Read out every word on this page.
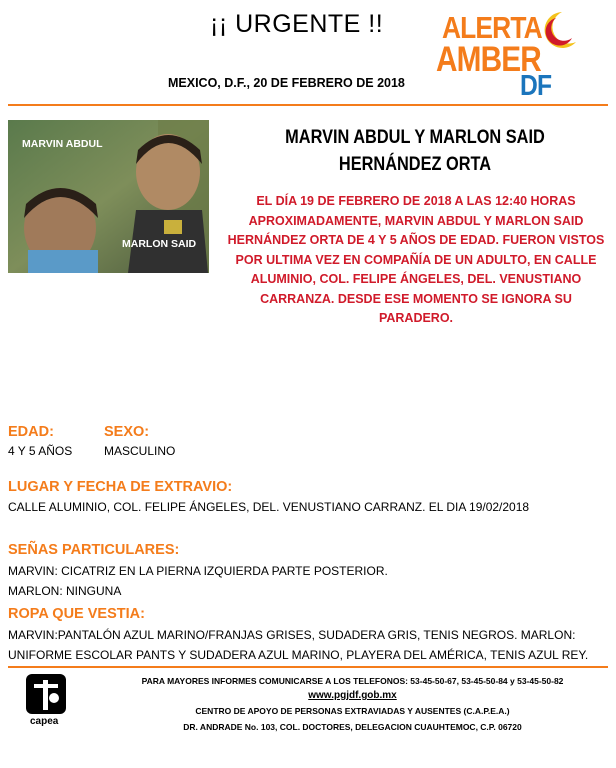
¡¡ URGENTE !!
MEXICO, D.F., 20 DE FEBRERO DE 2018
ALERTA
AMBER
DF
MARVIN ABDUL
MARLON SAID
MARVIN ABDUL Y MARLON SAID
HERNÁNDEZ ORTA
EL DÍA 19 DE FEBRERO DE 2018 A LAS 12:40 HORAS
APROXIMADAMENTE, MARVIN ABDUL Y MARLON SAID
HERNÁNDEZ ORTA DE 4 Y 5 AÑOS DE EDAD. FUERON VISTOS
POR ULTIMA VEZ EN COMPAÑÍA DE UN ADULTO, EN CALLE
ALUMINIO, COL. FELIPE ÁNGELES, DEL. VENUSTIANO
CARRANZA. DESDE ESE MOMENTO SE IGNORA SU
PARADERO.
EDAD:
4 Y 5 AÑOS
SEXO:
MASCULINO
LUGAR Y FECHA DE EXTRAVIO:
CALLE ALUMINIO, COL. FELIPE ÁNGELES, DEL. VENUSTIANO CARRANZ. EL DIA 19/02/2018
SEÑAS PARTICULARES:
MARVIN: CICATRIZ EN LA PIERNA IZQUIERDA PARTE POSTERIOR.
MARLON: NINGUNA
ROPA QUE VESTIA:
MARVIN:PANTALÓN AZUL MARINO/FRANJAS GRISES, SUDADERA GRIS, TENIS NEGROS. MARLON:
UNIFORME ESCOLAR PANTS Y SUDADERA AZUL MARINO, PLAYERA DEL AMÉRICA, TENIS AZUL REY.
capea
PARA MAYORES INFORMES COMUNICARSE A LOS TELEFONOS: 53-45-50-67, 53-45-50-84 y 53-45-50-82
www.pgjdf.gob.mx
CENTRO DE APOYO DE PERSONAS EXTRAVIADAS Y AUSENTES (C.A.P.E.A.)
DR. ANDRADE No. 103, COL. DOCTORES, DELEGACION CUAUHTEMOC, C.P. 06720
